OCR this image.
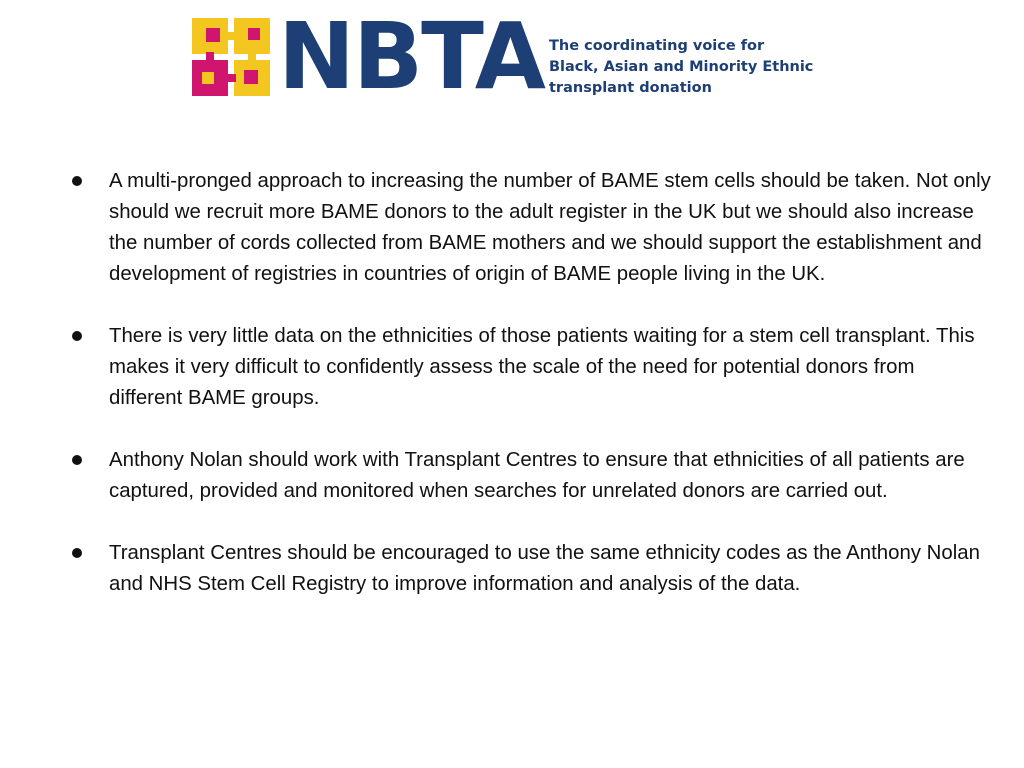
NBTA The coordinating voice for
Black, Asian and Minority Ethnic
transplant donation
A multi-pronged approach to increasing the number of BAME stem cells should be taken. Not only should we recruit more BAME donors to the adult register in the UK but we should also increase the number of cords collected from BAME mothers and we should support the establishment and development of registries in countries of origin of BAME people living in the UK.
There is very little data on the ethnicities of those patients waiting for a stem cell transplant. This makes it very difficult to confidently assess the scale of the need for potential donors from different BAME groups.
Anthony Nolan should work with Transplant Centres to ensure that ethnicities of all patients are captured, provided and monitored when searches for unrelated donors are carried out.
Transplant Centres should be encouraged to use the same ethnicity codes as the Anthony Nolan and NHS Stem Cell Registry to improve information and analysis of the data.
